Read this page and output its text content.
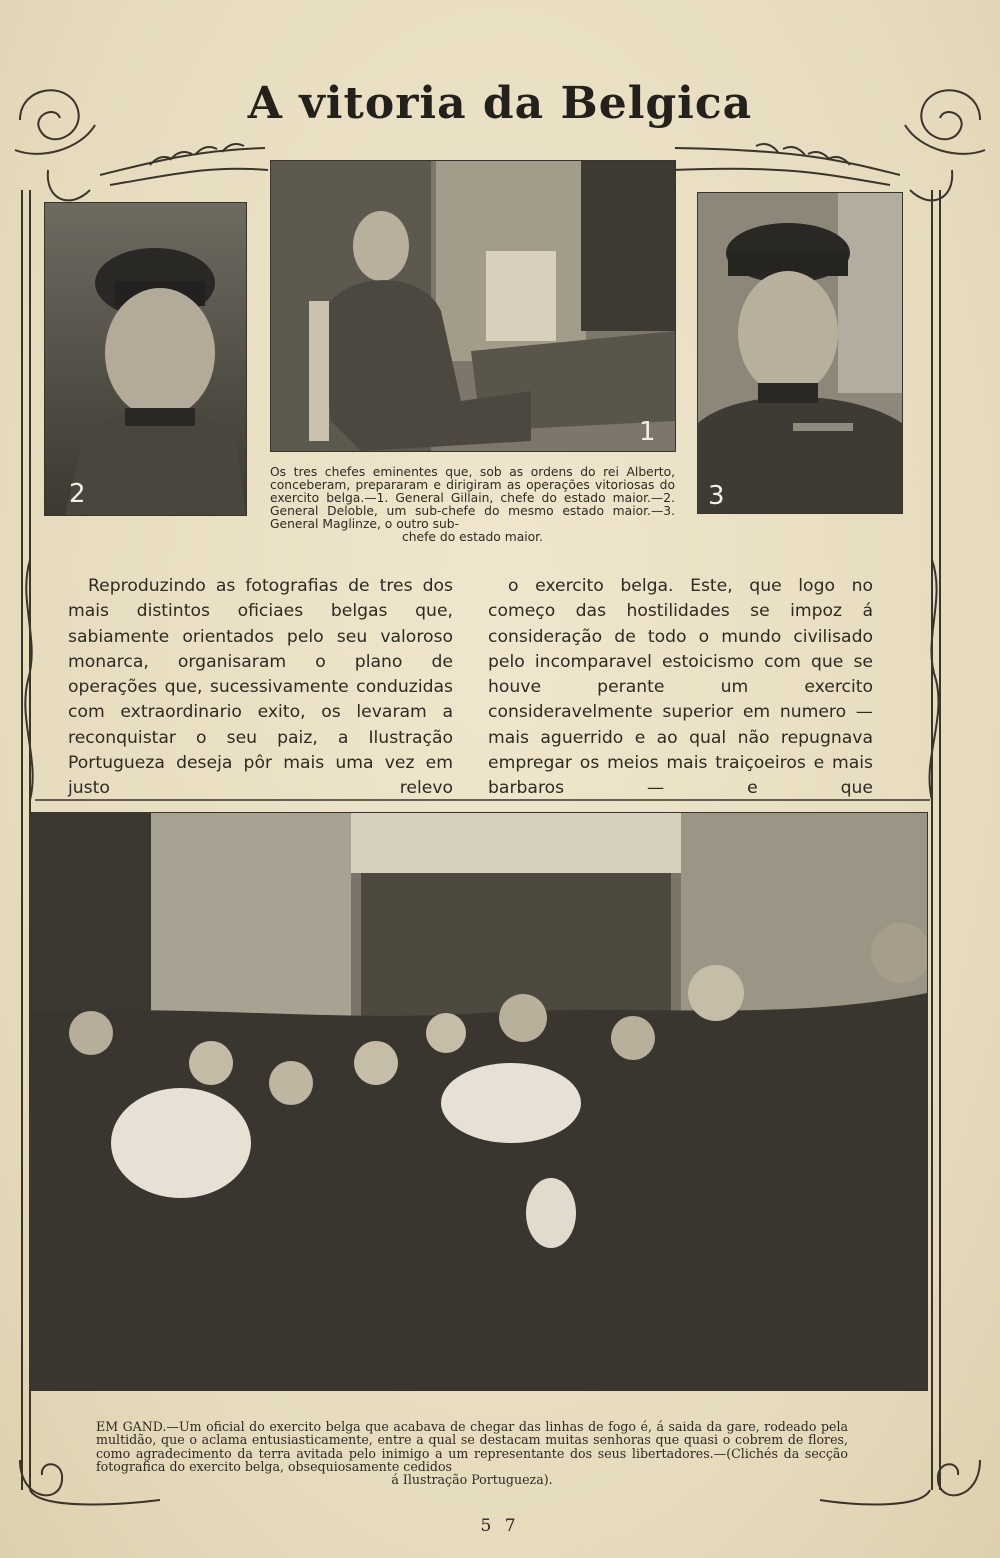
A vitoria da Belgica
2
1
3
Os tres chefes eminentes que, sob as ordens do rei Alberto, conceberam, prepararam e dirigiram as operações vitoriosas do exercito belga.—1. General Gillain, chefe do estado maior.—2. General Deloble, um sub-chefe do mesmo estado maior.—3. General Maglinze, o outro sub-
chefe do estado maior.

Reproduzindo as fotografias de tres dos mais distintos oficiaes belgas que, sabiamente orientados pelo seu valoroso monarca, organisaram o plano de operações que, sucessivamente conduzidas com extraordinario exito, os levaram a reconquistar o seu paiz, a Ilustração Portugueza deseja pôr mais uma vez em justo relevo

o exercito belga. Este, que logo no começo das hostilidades se impoz á consideração de todo o mundo civilisado pelo incomparavel estoicismo com que se houve perante um exercito consideravelmente superior em numero — mais aguerrido e ao qual não repugnava empregar os meios mais traiçoeiros e mais barbaros — e que

EM GAND.—Um oficial do exercito belga que acabava de chegar das linhas de fogo é, á saida da gare, rodeado pela multidão, que o aclama entusiasticamente, entre a qual se destacam muitas senhoras que quasi o cobrem de flores, como agradecimento da terra avitada pelo inimigo a um representante dos seus libertadores.—(Clichés da secção fotografica do exercito belga, obsequiosamente cedidos
á Ilustração Portugueza).
5 7
